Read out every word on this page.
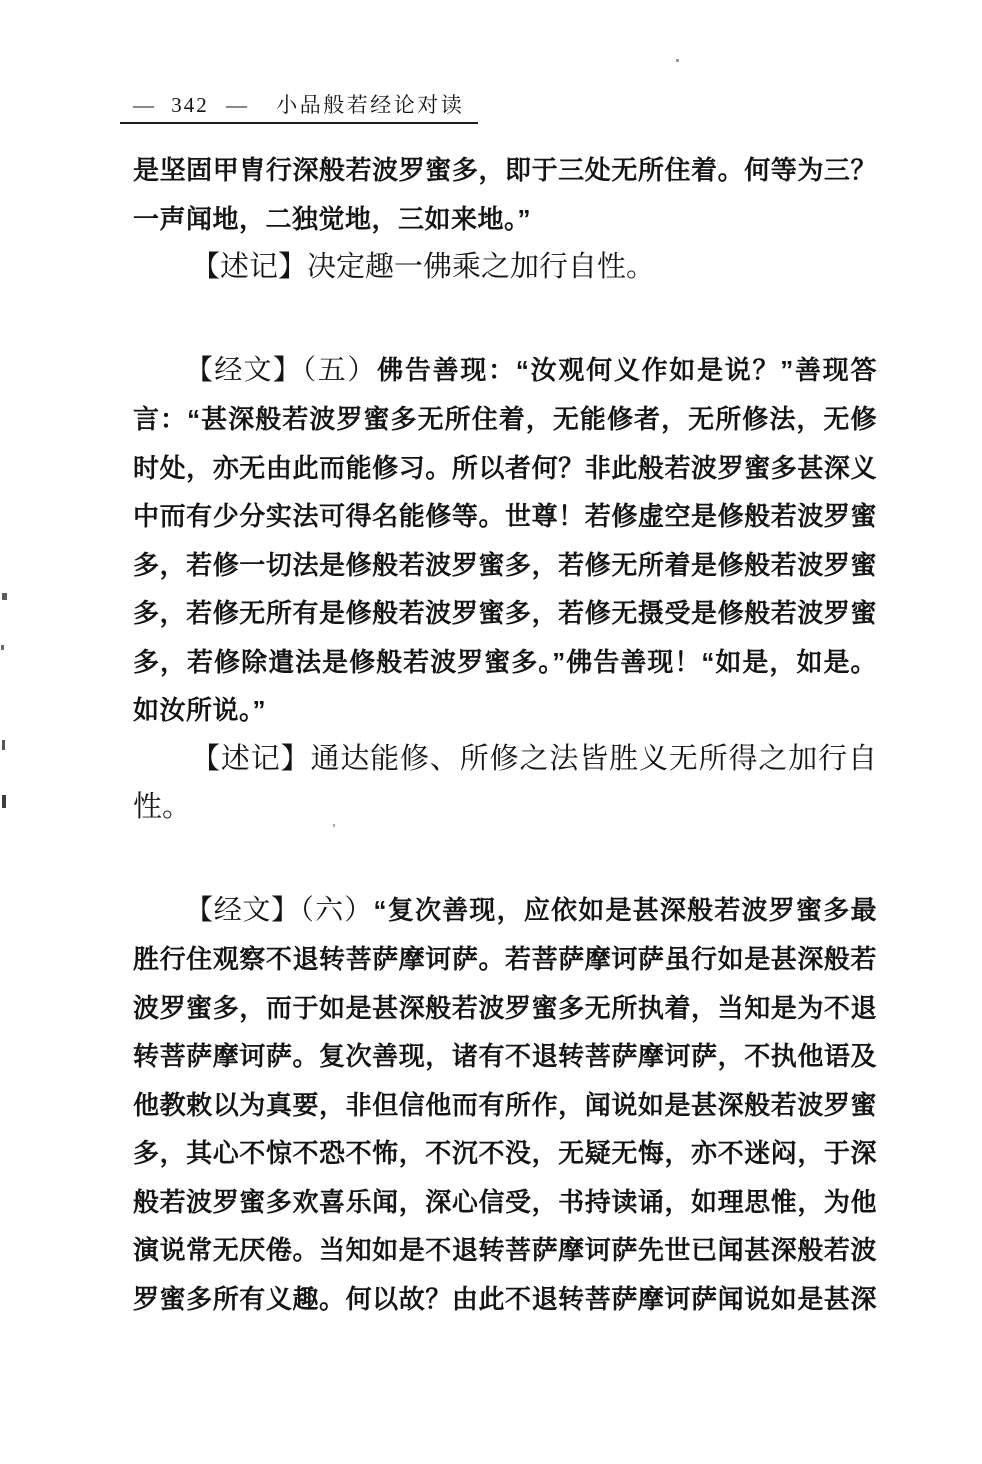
— 342 — 小品般若经论对读
是坚固甲胄行深般若波罗蜜多，即于三处无所住着。何等为三？
一声闻地，二独觉地，三如来地。”
【述记】决定趣一佛乘之加行自性。
【经文】（五）佛告善现：“汝观何义作如是说？”善现答
言：“甚深般若波罗蜜多无所住着，无能修者，无所修法，无修
时处，亦无由此而能修习。所以者何？非此般若波罗蜜多甚深义
中而有少分实法可得名能修等。世尊！若修虚空是修般若波罗蜜
多，若修一切法是修般若波罗蜜多，若修无所着是修般若波罗蜜
多，若修无所有是修般若波罗蜜多，若修无摄受是修般若波罗蜜
多，若修除遣法是修般若波罗蜜多。”佛告善现！“如是，如是。
如汝所说。”
【述记】通达能修、所修之法皆胜义无所得之加行自
性。
【经文】（六）“复次善现，应依如是甚深般若波罗蜜多最
胜行住观察不退转菩萨摩诃萨。若菩萨摩诃萨虽行如是甚深般若
波罗蜜多，而于如是甚深般若波罗蜜多无所执着，当知是为不退
转菩萨摩诃萨。复次善现，诸有不退转菩萨摩诃萨，不执他语及
他教敕以为真要，非但信他而有所作，闻说如是甚深般若波罗蜜
多，其心不惊不恐不怖，不沉不没，无疑无悔，亦不迷闷，于深
般若波罗蜜多欢喜乐闻，深心信受，书持读诵，如理思惟，为他
演说常无厌倦。当知如是不退转菩萨摩诃萨先世已闻甚深般若波
罗蜜多所有义趣。何以故？由此不退转菩萨摩诃萨闻说如是甚深
